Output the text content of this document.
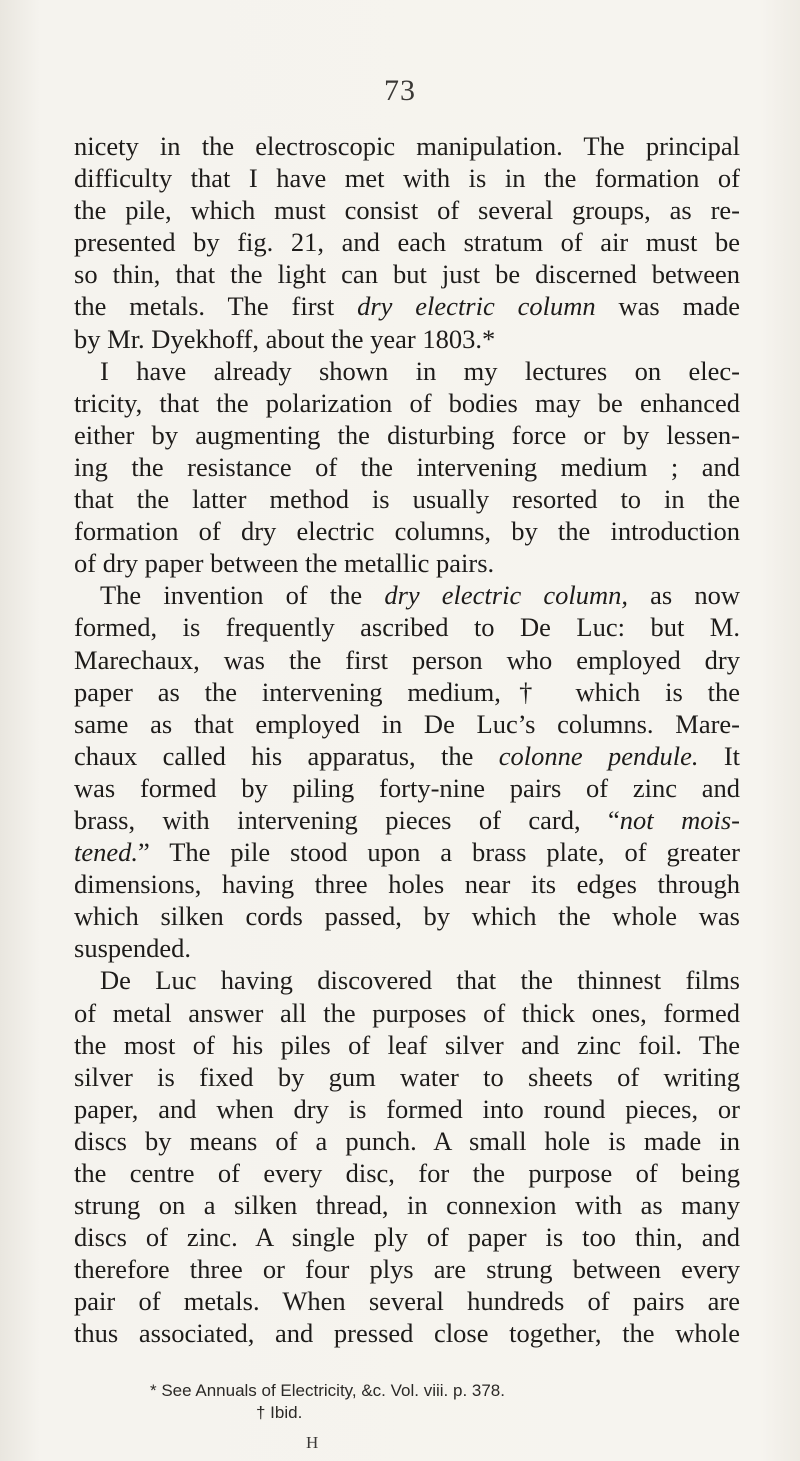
73
nicety in the electroscopic manipulation. The principal
difficulty that I have met with is in the formation of
the pile, which must consist of several groups, as re-
presented by fig. 21, and each stratum of air must be
so thin, that the light can but just be discerned between
the metals. The first dry electric column was made
by Mr. Dyekhoff, about the year 1803.*
I have already shown in my lectures on elec-
tricity, that the polarization of bodies may be enhanced
either by augmenting the disturbing force or by lessen-
ing the resistance of the intervening medium ; and
that the latter method is usually resorted to in the
formation of dry electric columns, by the introduction
of dry paper between the metallic pairs.
The invention of the dry electric column, as now
formed, is frequently ascribed to De Luc: but M.
Marechaux, was the first person who employed dry
paper as the intervening medium,† which is the
same as that employed in De Luc’s columns. Mare-
chaux called his apparatus, the colonne pendule. It
was formed by piling forty-nine pairs of zinc and
brass, with intervening pieces of card, “not mois-
tened.” The pile stood upon a brass plate, of greater
dimensions, having three holes near its edges through
which silken cords passed, by which the whole was
suspended.
De Luc having discovered that the thinnest films
of metal answer all the purposes of thick ones, formed
the most of his piles of leaf silver and zinc foil. The
silver is fixed by gum water to sheets of writing
paper, and when dry is formed into round pieces, or
discs by means of a punch. A small hole is made in
the centre of every disc, for the purpose of being
strung on a silken thread, in connexion with as many
discs of zinc. A single ply of paper is too thin, and
therefore three or four plys are strung between every
pair of metals. When several hundreds of pairs are
thus associated, and pressed close together, the whole
* See Annuals of Electricity, &c. Vol. viii. p. 378.
† Ibid.
H
